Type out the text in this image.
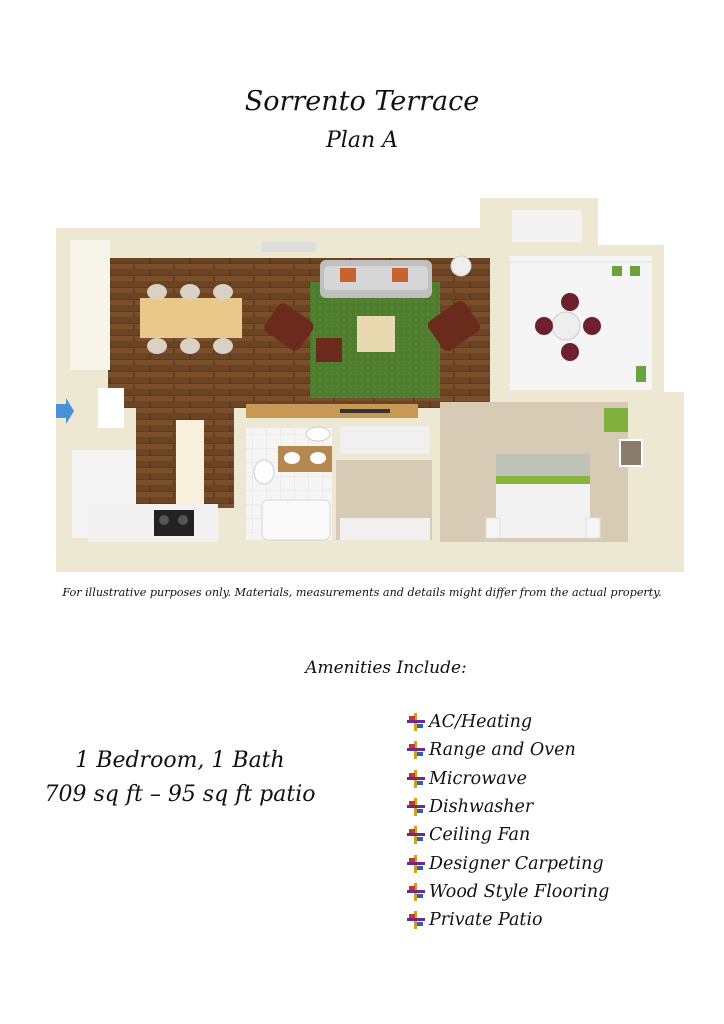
Sorrento Terrace
Plan A
For illustrative purposes only. Materials, measurements and details might differ from the actual property.
Amenities Include:
1 Bedroom, 1 Bath
709 sq ft – 95 sq ft patio
AC/Heating
Range and Oven
Microwave
Dishwasher
Ceiling Fan
Designer Carpeting
Wood Style Flooring
Private Patio
